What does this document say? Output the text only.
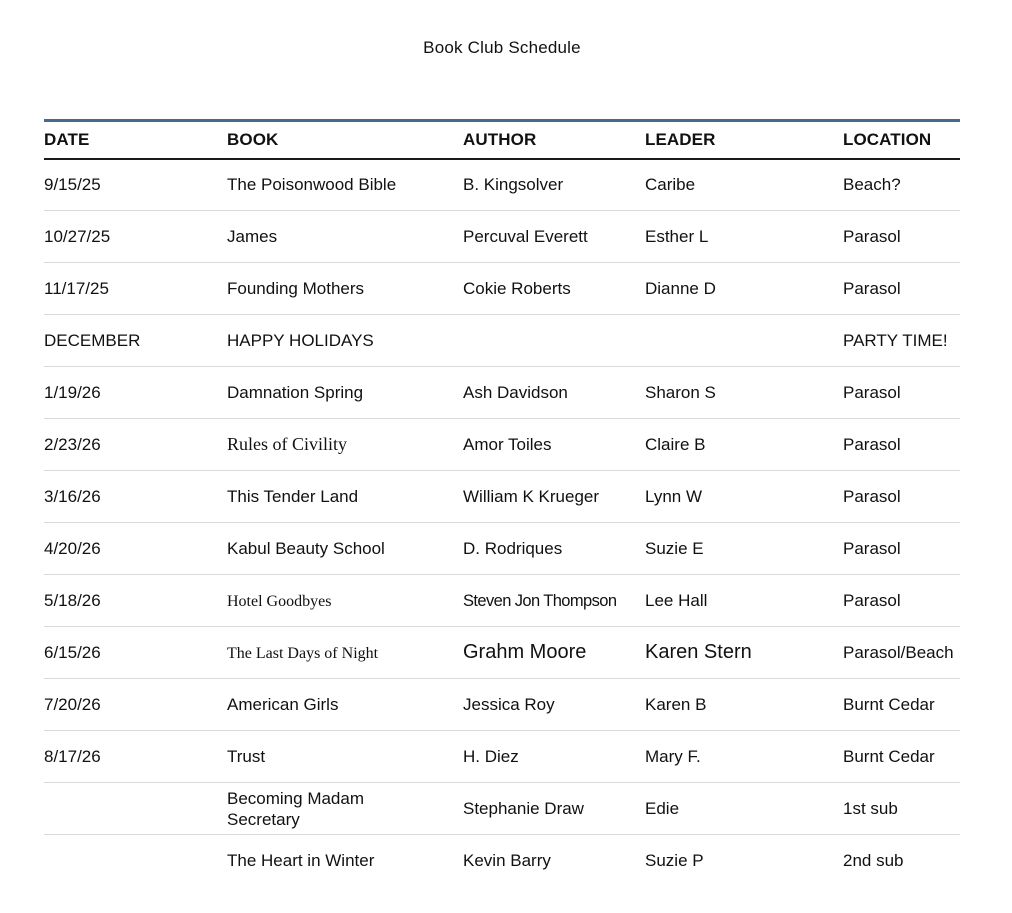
Book Club Schedule
DATE	BOOK	AUTHOR	LEADER	LOCATION
9/15/25	The Poisonwood Bible	B. Kingsolver	Caribe	Beach?
10/27/25	James	Percuval Everett	Esther L	Parasol
11/17/25	Founding Mothers	Cokie Roberts	Dianne D	Parasol
DECEMBER	HAPPY HOLIDAYS			PARTY TIME!
1/19/26	Damnation Spring	Ash Davidson	Sharon S	Parasol
2/23/26	Rules of Civility	Amor Toiles	Claire B	Parasol
3/16/26	This Tender Land	William K Krueger	Lynn W	Parasol
4/20/26	Kabul Beauty School	D. Rodriques	Suzie E	Parasol
5/18/26	Hotel Goodbyes	Steven Jon Thompson	Lee Hall	Parasol
6/15/26	The Last Days of Night	Grahm Moore	Karen Stern	Parasol/Beach
7/20/26	American Girls	Jessica Roy	Karen B	Burnt Cedar
8/17/26	Trust	H. Diez	Mary F.	Burnt Cedar
	Becoming Madam Secretary	Stephanie Draw	Edie	1st sub
	The Heart in Winter	Kevin Barry	Suzie P	2nd sub
